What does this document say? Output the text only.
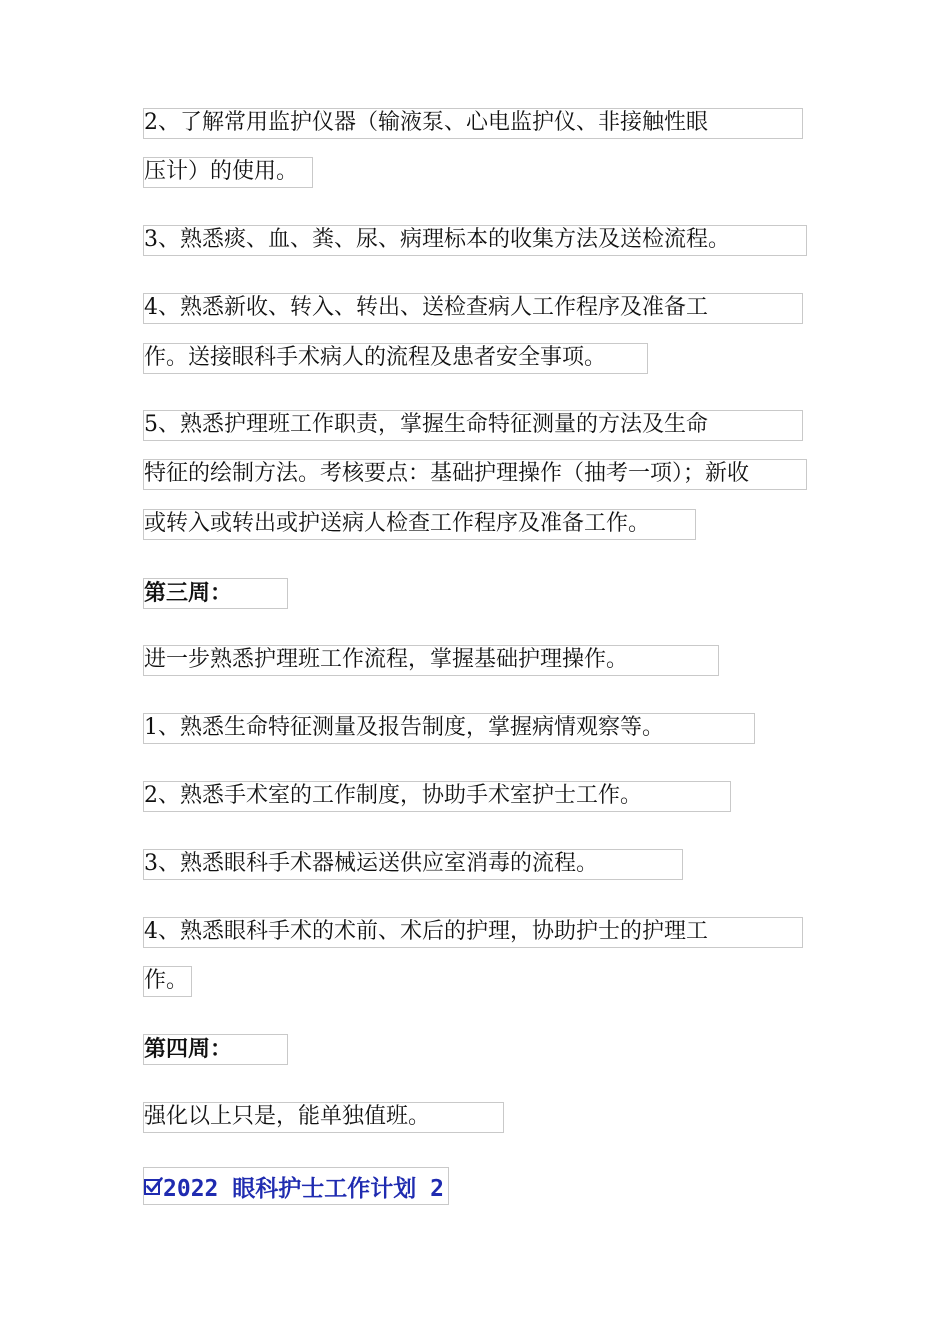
2、了解常用监护仪器（输液泵、心电监护仪、非接触性眼
压计）的使用。
3、熟悉痰、血、粪、尿、病理标本的收集方法及送检流程。
4、熟悉新收、转入、转出、送检查病人工作程序及准备工
作。送接眼科手术病人的流程及患者安全事项。
5、熟悉护理班工作职责，掌握生命特征测量的方法及生命
特征的绘制方法。考核要点：基础护理操作（抽考一项）；新收
或转入或转出或护送病人检查工作程序及准备工作。
第三周：
进一步熟悉护理班工作流程，掌握基础护理操作。
1、熟悉生命特征测量及报告制度，掌握病情观察等。
2、熟悉手术室的工作制度，协助手术室护士工作。
3、熟悉眼科手术器械运送供应室消毒的流程。
4、熟悉眼科手术的术前、术后的护理，协助护士的护理工
作。
第四周：
强化以上只是，能单独值班。
2022 眼科护士工作计划 2
